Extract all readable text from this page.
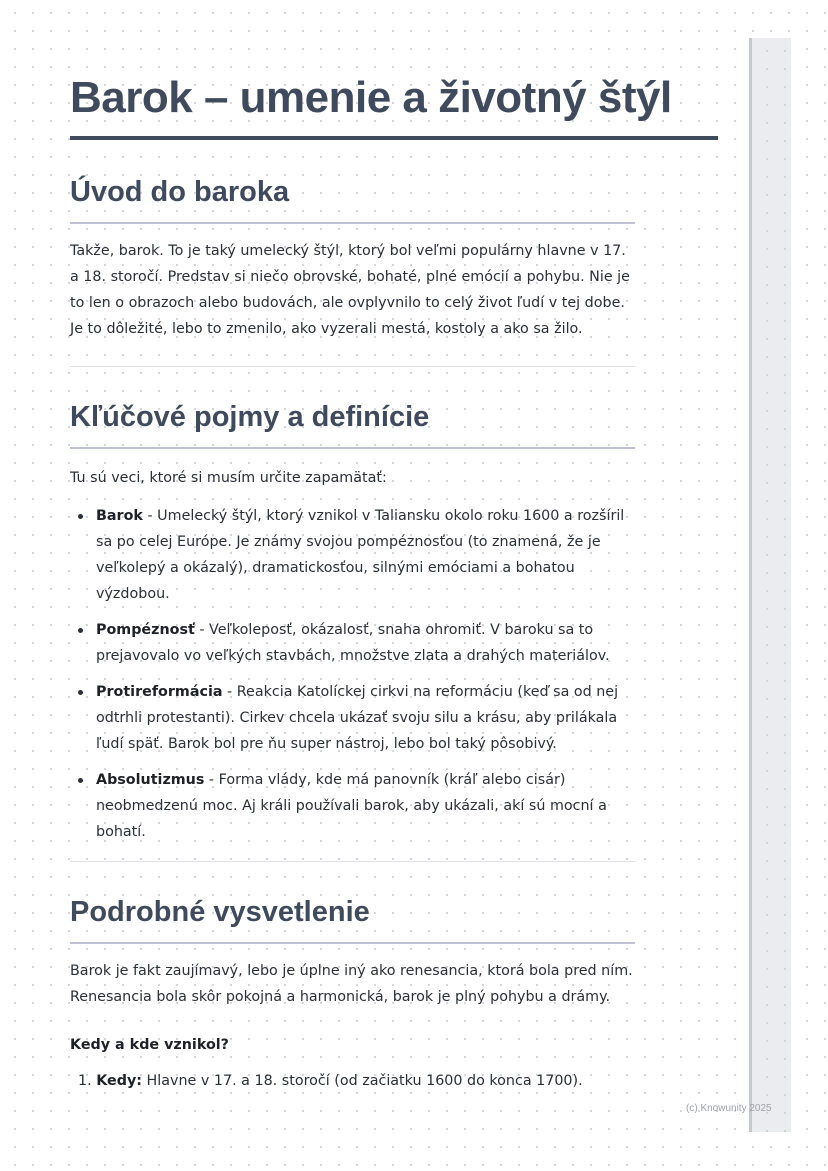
Barok – umenie a životný štýl
Úvod do baroka

Takže, barok. To je taký umelecký štýl, ktorý bol veľmi populárny hlavne v 17. a 18. storočí. Predstav si niečo obrovské, bohaté, plné emócií a pohybu. Nie je to len o obrazoch alebo budovách, ale ovplyvnilo to celý život ľudí v tej dobe. Je to dôležité, lebo to zmenilo, ako vyzerali mestá, kostoly a ako sa žilo.

Kľúčové pojmy a definície

Tu sú veci, ktoré si musím určite zapamätať:

Barok - Umelecký štýl, ktorý vznikol v Taliansku okolo roku 1600 a rozšíril sa po celej Európe. Je známy svojou pompéznosťou (to znamená, že je veľkolepý a okázalý), dramatickosťou, silnými emóciami a bohatou výzdobou.
Pompéznosť - Veľkoleposť, okázalosť, snaha ohromiť. V baroku sa to prejavovalo vo veľkých stavbách, množstve zlata a drahých materiálov.
Protireformácia - Reakcia Katolíckej cirkvi na reformáciu (keď sa od nej odtrhli protestanti). Cirkev chcela ukázať svoju silu a krásu, aby prilákala ľudí späť. Barok bol pre ňu super nástroj, lebo bol taký pôsobivý.
Absolutizmus - Forma vlády, kde má panovník (kráľ alebo cisár) neobmedzenú moc. Aj králi používali barok, aby ukázali, akí sú mocní a bohatí.
Podrobné vysvetlenie

Barok je fakt zaujímavý, lebo je úplne iný ako renesancia, ktorá bola pred ním. Renesancia bola skôr pokojná a harmonická, barok je plný pohybu a drámy.

Kedy a kde vznikol?
1. Kedy: Hlavne v 17. a 18. storočí (od začiatku 1600 do konca 1700).
(c) Knowunity 2025
